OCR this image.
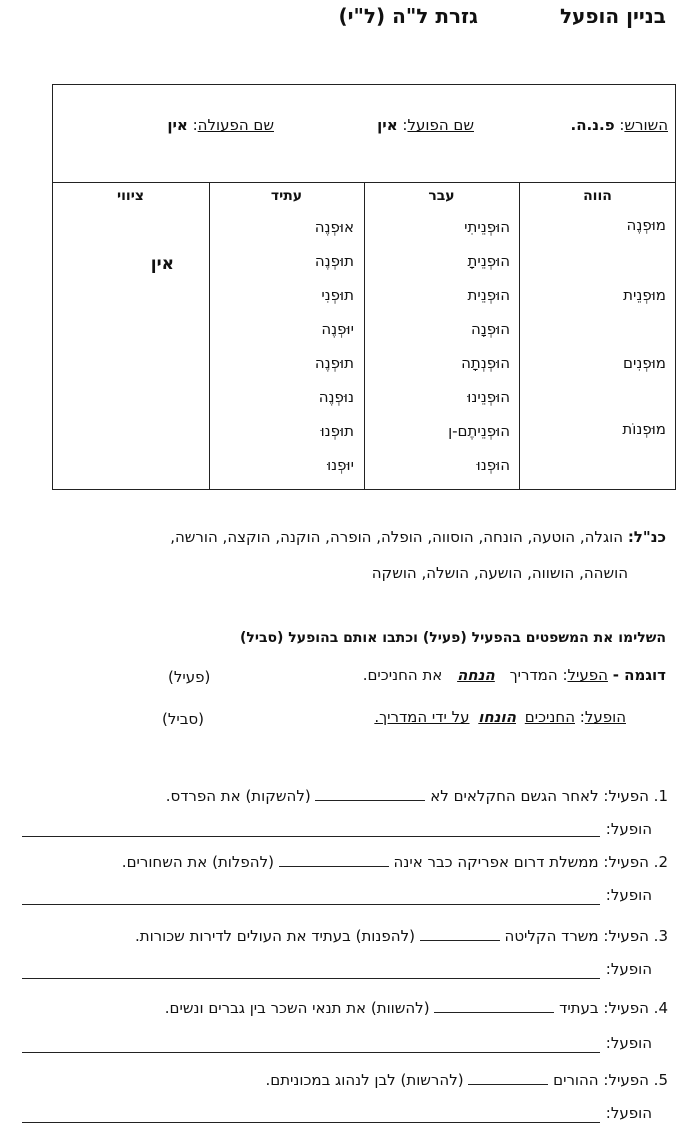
בניין הופעל
גזרת ל"ה (ל"י)
השורש: פ.נ.ה.
שם הפועל: אין
שם הפעולה: אין
הווה
עבר
עתיד
ציווי
מוּפְנֶה
מוּפְנֵית
מוּפְנִים
מוּפְנוֹת
הוּפְנֵיתִי
הוּפְנֵיתָ
הוּפְנֵית
הוּפְנָה
הוּפְנְתָה
הוּפְנֵינוּ
הוּפְנֵיתֶם-ן
הוּפְנוּ
אוּפְנֶה
תוּפְנֶה
תוּפְנִי
יוּפְנֶה
תוּפְנֶה
נוּפְנֶה
תוּפְנוּ
יוּפְנוּ
אין
כנ"ל: הוגלה, הוטעה, הונחה, הוסווה, הופלה, הופרה, הוקנה, הוקצה, הורשה,
הושהה, הושווה, הושעה, הושלה, הושקה
השלימו את המשפטים בהפעיל (פעיל) וכתבו אותם בהופעל (סביל)
דוגמה - הפעיל: המדריך הנחה את החניכים.
(פעיל)
הופעל: החניכים הונחו על ידי המדריך.
(סביל)
1. הפעיל: לאחר הגשם החקלאים לא  (להשקות) את הפרדס.
הופעל:
2. הפעיל: ממשלת דרום אפריקה כבר אינה  (להפלות) את השחורים.
הופעל:
3. הפעיל: משרד הקליטה  (להפנות) בעתיד את העולים לדירות שכורות.
הופעל:
4. הפעיל: בעתיד  (להשוות) את תנאי השכר בין גברים ונשים.
הופעל:
5. הפעיל: ההורים  (להרשות) לבן לנהוג במכוניתם.
הופעל:
